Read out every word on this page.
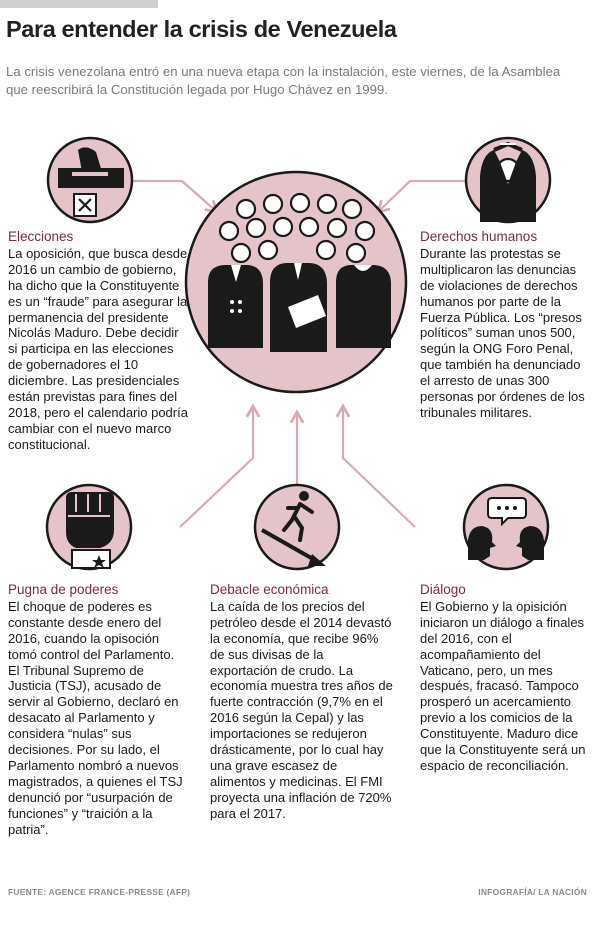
Para entender la crisis de Venezuela

La crisis venezolana entró en una nueva etapa con la instalación, este viernes, de la Asamblea que reescribirá la Constitución legada por Hugo Chávez en 1999.

Elecciones

La oposición, que busca desde 2016 un cambio de gobierno, ha dicho que la Constituyente es un “fraude” para asegurar la permanencia del presidente Nicolás Maduro. Debe decidir si participa en las elecciones de gobernadores el 10 diciembre. Las presidenciales están previstas para fines del 2018, pero el calendario podría cambiar con el nuevo marco constitucional.

Derechos humanos

Durante las protestas se multiplicaron las denuncias de violaciones de derechos humanos por parte de la Fuerza Pública. Los “presos políticos” suman unos 500, según la ONG Foro Penal, que también ha denunciado el arresto de unas 300 personas por órdenes de los tribunales militares.

Pugna de poderes

El choque de poderes es constante desde enero del 2016, cuando la opisoción tomó control del Parlamento. El Tribunal Supremo de Justicia (TSJ), acusado de servir al Gobierno, declaró en desacato al Parlamento y considera “nulas” sus decisiones. Por su lado, el Parlamento nombró a nuevos magistrados, a quienes el TSJ denunció por “usurpación de funciones” y “traición a la patria”.

Debacle económica

La caída de los precios del petróleo desde el 2014 devastó la economía, que recibe 96% de sus divisas de la exportación de crudo. La economía muestra tres años de fuerte contracción (9,7% en el 2016 según la Cepal) y las importaciones se redujeron drásticamente, por lo cual hay una grave escasez de alimentos y medicinas. El FMI proyecta una inflación de 720% para el 2017.

Diálogo

El Gobierno y la opisición iniciaron un diálogo a finales del 2016, con el acompañamiento del Vaticano, pero, un mes después, fracasó. Tampoco prosperó un acercamiento previo a los comicios de la Constituyente. Maduro dice que la Constituyente será un espacio de reconciliación.

FUENTE: AGENCE FRANCE-PRESSE (AFP)	INFOGRAFÍA/ LA NACIÓN
